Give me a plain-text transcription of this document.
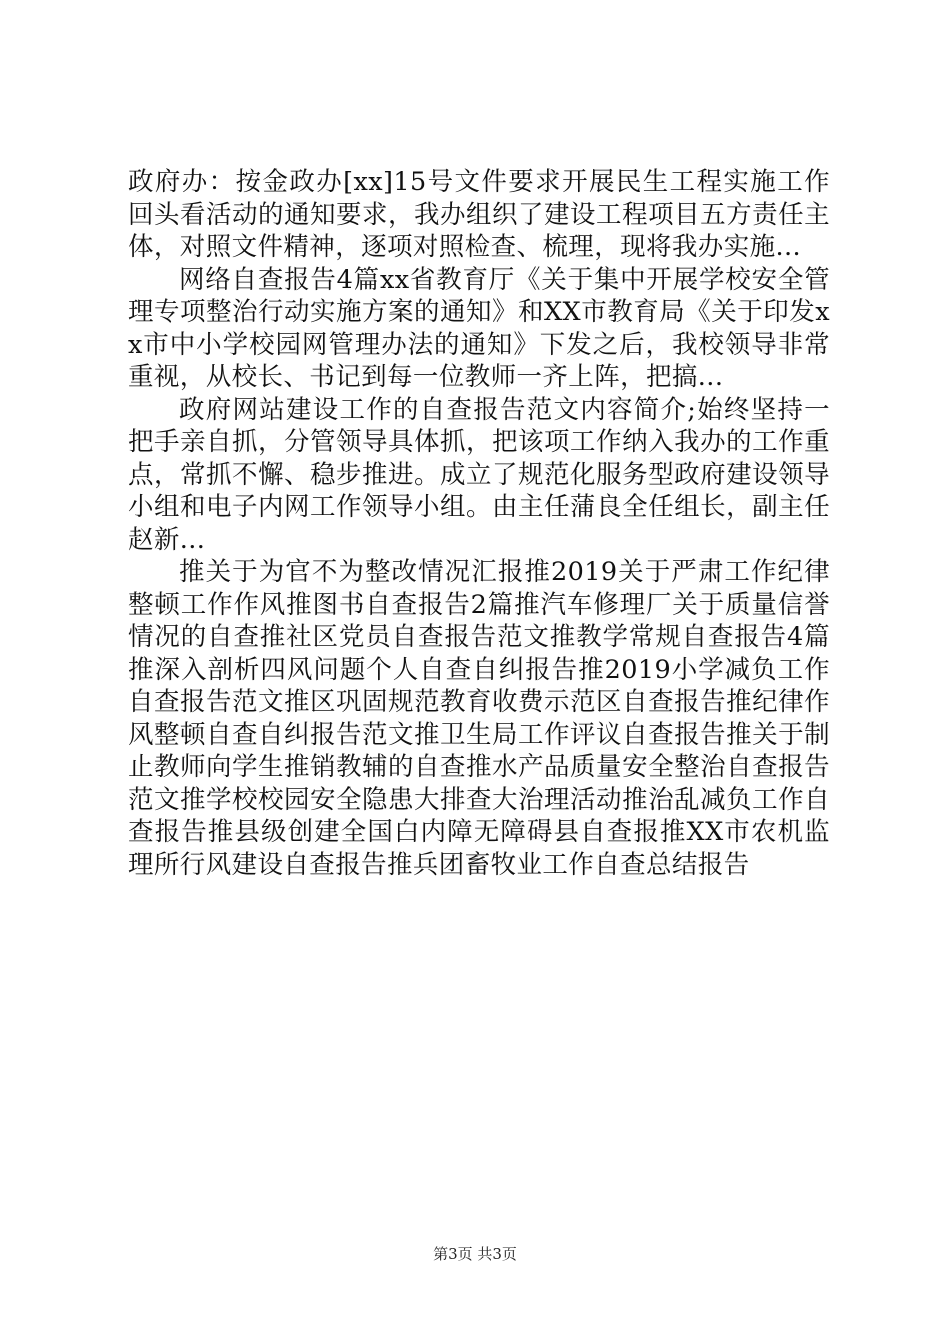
政府办：按金政办[xx]15号文件要求开展民生工程实施工作回头看活动的通知要求，我办组织了建设工程项目五方责任主体，对照文件精神，逐项对照检查、梳理，现将我办实施...

网络自查报告4篇xx省教育厅《关于集中开展学校安全管理专项整治行动实施方案的通知》和XX市教育局《关于印发xx市中小学校园网管理办法的通知》下发之后，我校领导非常重视，从校长、书记到每一位教师一齐上阵，把搞...

政府网站建设工作的自查报告范文内容简介;始终坚持一把手亲自抓，分管领导具体抓，把该项工作纳入我办的工作重点，常抓不懈、稳步推进。成立了规范化服务型政府建设领导小组和电子内网工作领导小组。由主任蒲良全任组长，副主任赵新...

推关于为官不为整改情况汇报推2019关于严肃工作纪律整顿工作作风推图书自查报告2篇推汽车修理厂关于质量信誉情况的自查推社区党员自查报告范文推教学常规自查报告4篇推深入剖析四风问题个人自查自纠报告推2019小学减负工作自查报告范文推区巩固规范教育收费示范区自查报告推纪律作风整顿自查自纠报告范文推卫生局工作评议自查报告推关于制止教师向学生推销教辅的自查推水产品质量安全整治自查报告范文推学校校园安全隐患大排查大治理活动推治乱减负工作自查报告推县级创建全国白内障无障碍县自查报推XX市农机监理所行风建设自查报告推兵团畜牧业工作自查总结报告

第3页 共3页
